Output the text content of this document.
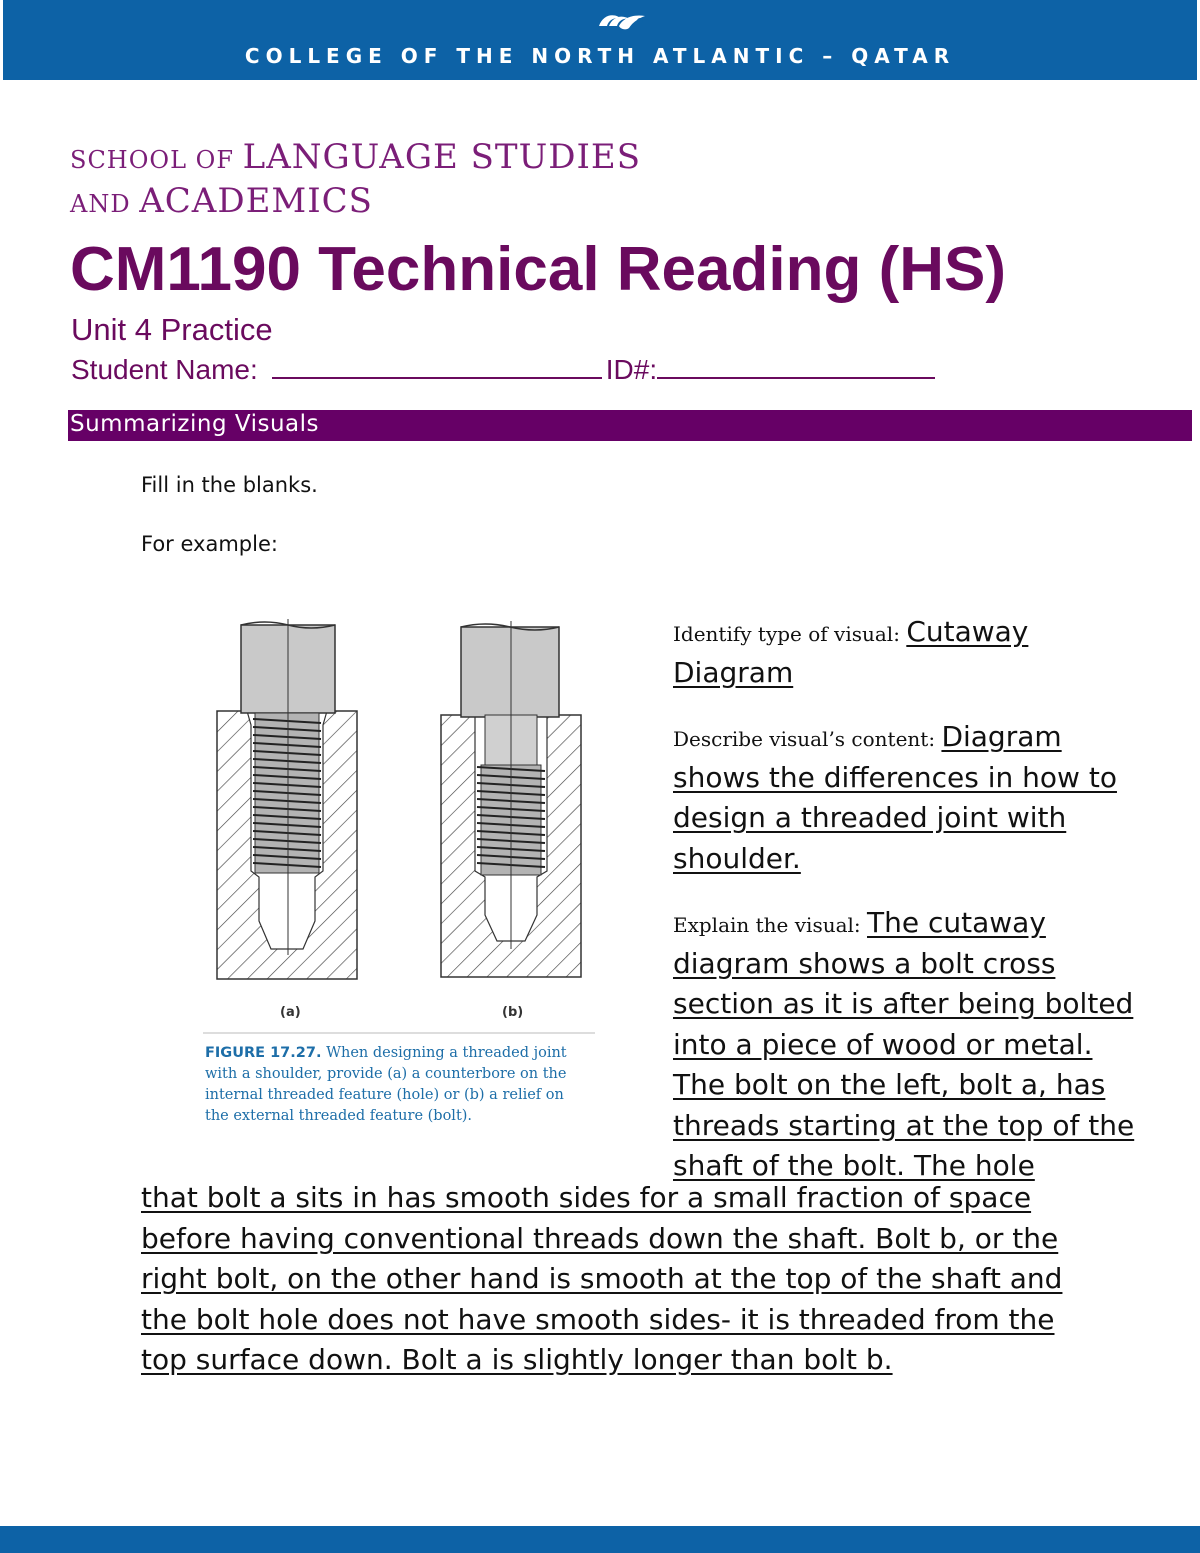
COLLEGE OF THE NORTH ATLANTIC – QATAR
SCHOOL OF LANGUAGE STUDIES
AND ACADEMICS
CM1190 Technical Reading (HS)
Unit 4 Practice
Student Name:	ID#:
Summarizing Visuals
Fill in the blanks.
For example:
(a)	(b)
FIGURE 17.27. When designing a threaded joint with a shoulder, provide (a) a counterbore on the internal threaded feature (hole) or (b) a relief on the external threaded feature (bolt).

Identify type of visual: Cutaway Diagram

Describe visual’s content: Diagram shows the differences in how to design a threaded joint with shoulder.

Explain the visual: The cutaway diagram shows a bolt cross section as it is after being bolted into a piece of wood or metal. The bolt on the left, bolt a, has threads starting at the top of the shaft of the bolt. The hole

that bolt a sits in has smooth sides for a small fraction of space before having conventional threads down the shaft. Bolt b, or the right bolt, on the other hand is smooth at the top of the shaft and the bolt hole does not have smooth sides- it is threaded from the top surface down. Bolt a is slightly longer than bolt b.
